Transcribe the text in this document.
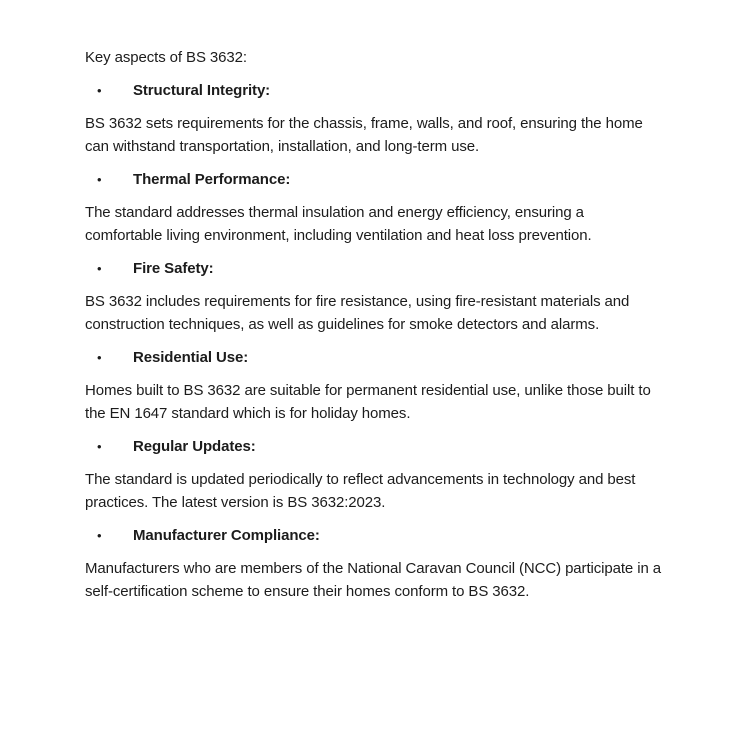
Key aspects of BS 3632:

•	Structural Integrity:

BS 3632 sets requirements for the chassis, frame, walls, and roof, ensuring the home can withstand transportation, installation, and long-term use.

•	Thermal Performance:

The standard addresses thermal insulation and energy efficiency, ensuring a comfortable living environment, including ventilation and heat loss prevention.

•	Fire Safety:

BS 3632 includes requirements for fire resistance, using fire-resistant materials and construction techniques, as well as guidelines for smoke detectors and alarms.

•	Residential Use:

Homes built to BS 3632 are suitable for permanent residential use, unlike those built to the EN 1647 standard which is for holiday homes.

•	Regular Updates:

The standard is updated periodically to reflect advancements in technology and best practices. The latest version is BS 3632:2023.

•	Manufacturer Compliance:

Manufacturers who are members of the National Caravan Council (NCC) participate in a self-certification scheme to ensure their homes conform to BS 3632.
